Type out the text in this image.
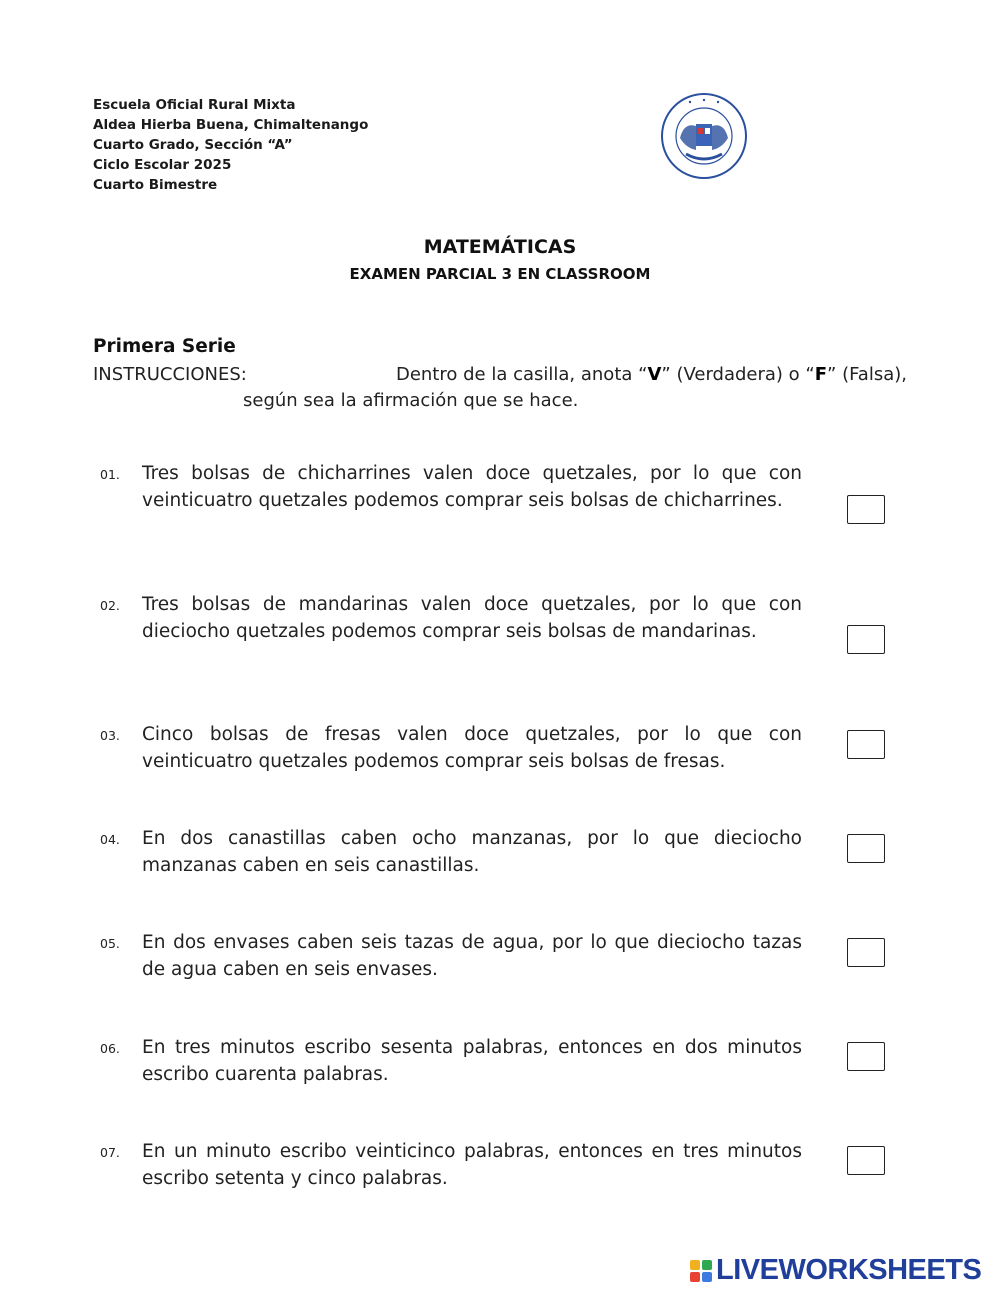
Escuela Oficial Rural Mixta
Aldea Hierba Buena, Chimaltenango
Cuarto Grado, Sección “A”
Ciclo Escolar 2025
Cuarto Bimestre
MATEMÁTICAS
EXAMEN PARCIAL 3 EN CLASSROOM
Primera Serie
INSTRUCCIONES:	Dentro de la casilla, anota “V” (Verdadera) o “F” (Falsa),
según sea la afirmación que se hace.
01. Tres bolsas de chicharrines valen doce quetzales, por lo que con veinticuatro quetzales podemos comprar seis bolsas de chicharrines.
02. Tres bolsas de mandarinas valen doce quetzales, por lo que con dieciocho quetzales podemos comprar seis bolsas de mandarinas.
03. Cinco bolsas de fresas valen doce quetzales, por lo que con veinticuatro quetzales podemos comprar seis bolsas de fresas.
04. En dos canastillas caben ocho manzanas, por lo que dieciocho manzanas caben en seis canastillas.
05. En dos envases caben seis tazas de agua, por lo que dieciocho tazas de agua caben en seis envases.
06. En tres minutos escribo sesenta palabras, entonces en dos minutos escribo cuarenta palabras.
07. En un minuto escribo veinticinco palabras, entonces en tres minutos escribo setenta y cinco palabras.
LIVEWORKSHEETS
